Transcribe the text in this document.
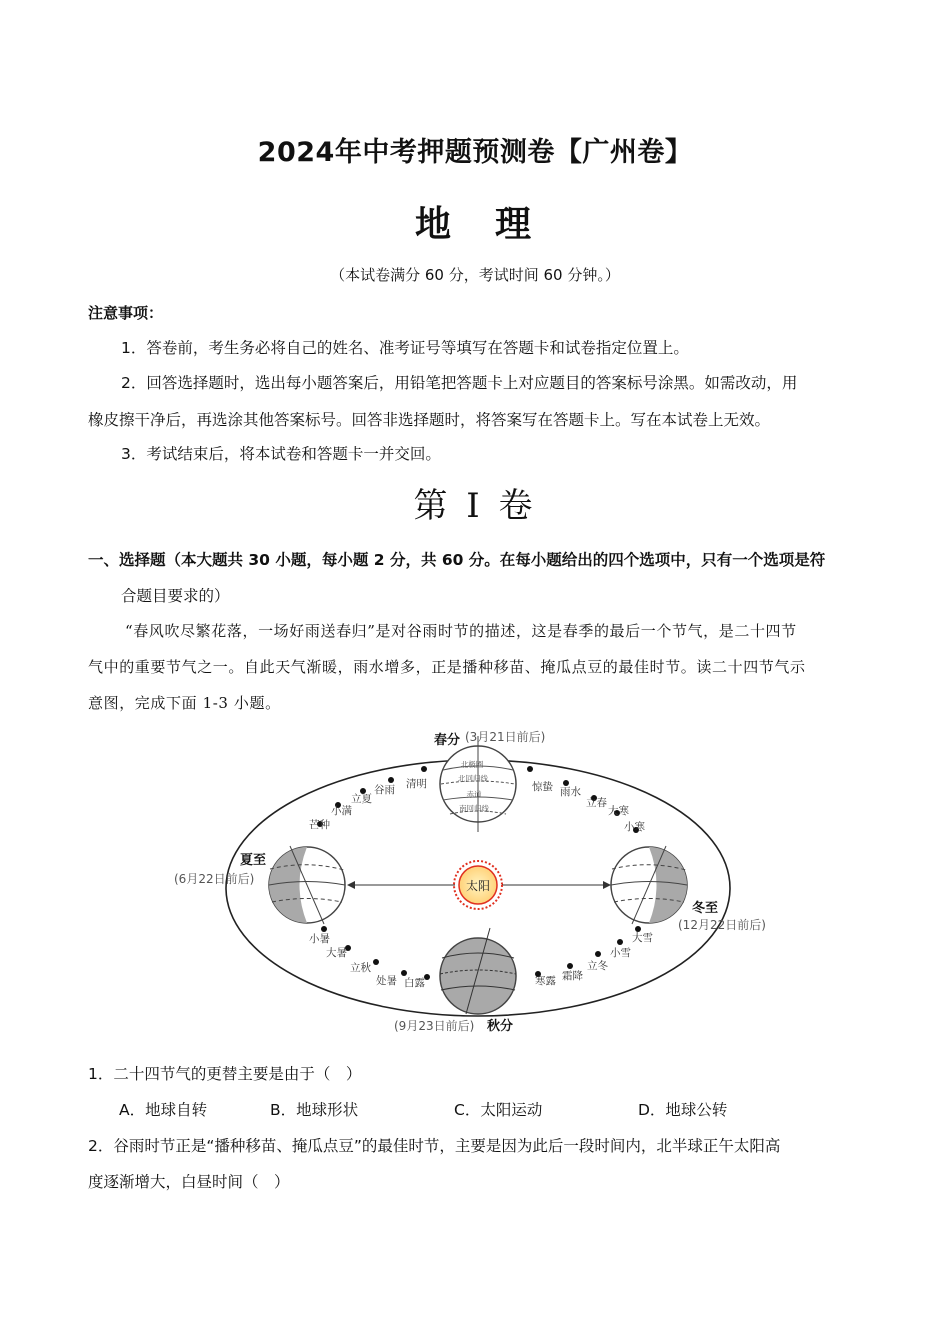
2024年中考押题预测卷【广州卷】
地　理
（本试卷满分 60 分，考试时间 60 分钟。）
注意事项：
1．答卷前，考生务必将自己的姓名、准考证号等填写在答题卡和试卷指定位置上。
2．回答选择题时，选出每小题答案后，用铅笔把答题卡上对应题目的答案标号涂黑。如需改动，用
橡皮擦干净后，再选涂其他答案标号。回答非选择题时，将答案写在答题卡上。写在本试卷上无效。
3．考试结束后，将本试卷和答题卡一并交回。
第 I 卷
一、选择题（本大题共 30 小题，每小题 2 分，共 60 分。在每小题给出的四个选项中，只有一个选项是符
合题目要求的）
“春风吹尽繁花落，一场好雨送春归”是对谷雨时节的描述，这是春季的最后一个节气，是二十四节
气中的重要节气之一。自此天气渐暖，雨水增多，正是播种移苗、掩瓜点豆的最佳时节。读二十四节气示
意图，完成下面 1-3 小题。
太阳
北极圈
北回归线
赤道
南回归线
春分 (3月21日前后)
夏至
(6月22日前后)
冬至
(12月22日前后)
(9月23日前后) 秋分
惊蛰 雨水
立春
大寒
小寒
清明
谷雨
立夏
小满
芒种
小暑
大暑
立秋
处暑 白露	寒露 霜降
立冬
小雪
大雪
1．二十四节气的更替主要是由于（　）
A．地球自转	B．地球形状	C．太阳运动	D．地球公转
2．谷雨时节正是“播种移苗、掩瓜点豆”的最佳时节，主要是因为此后一段时间内，北半球正午太阳高
度逐渐增大，白昼时间（　）
